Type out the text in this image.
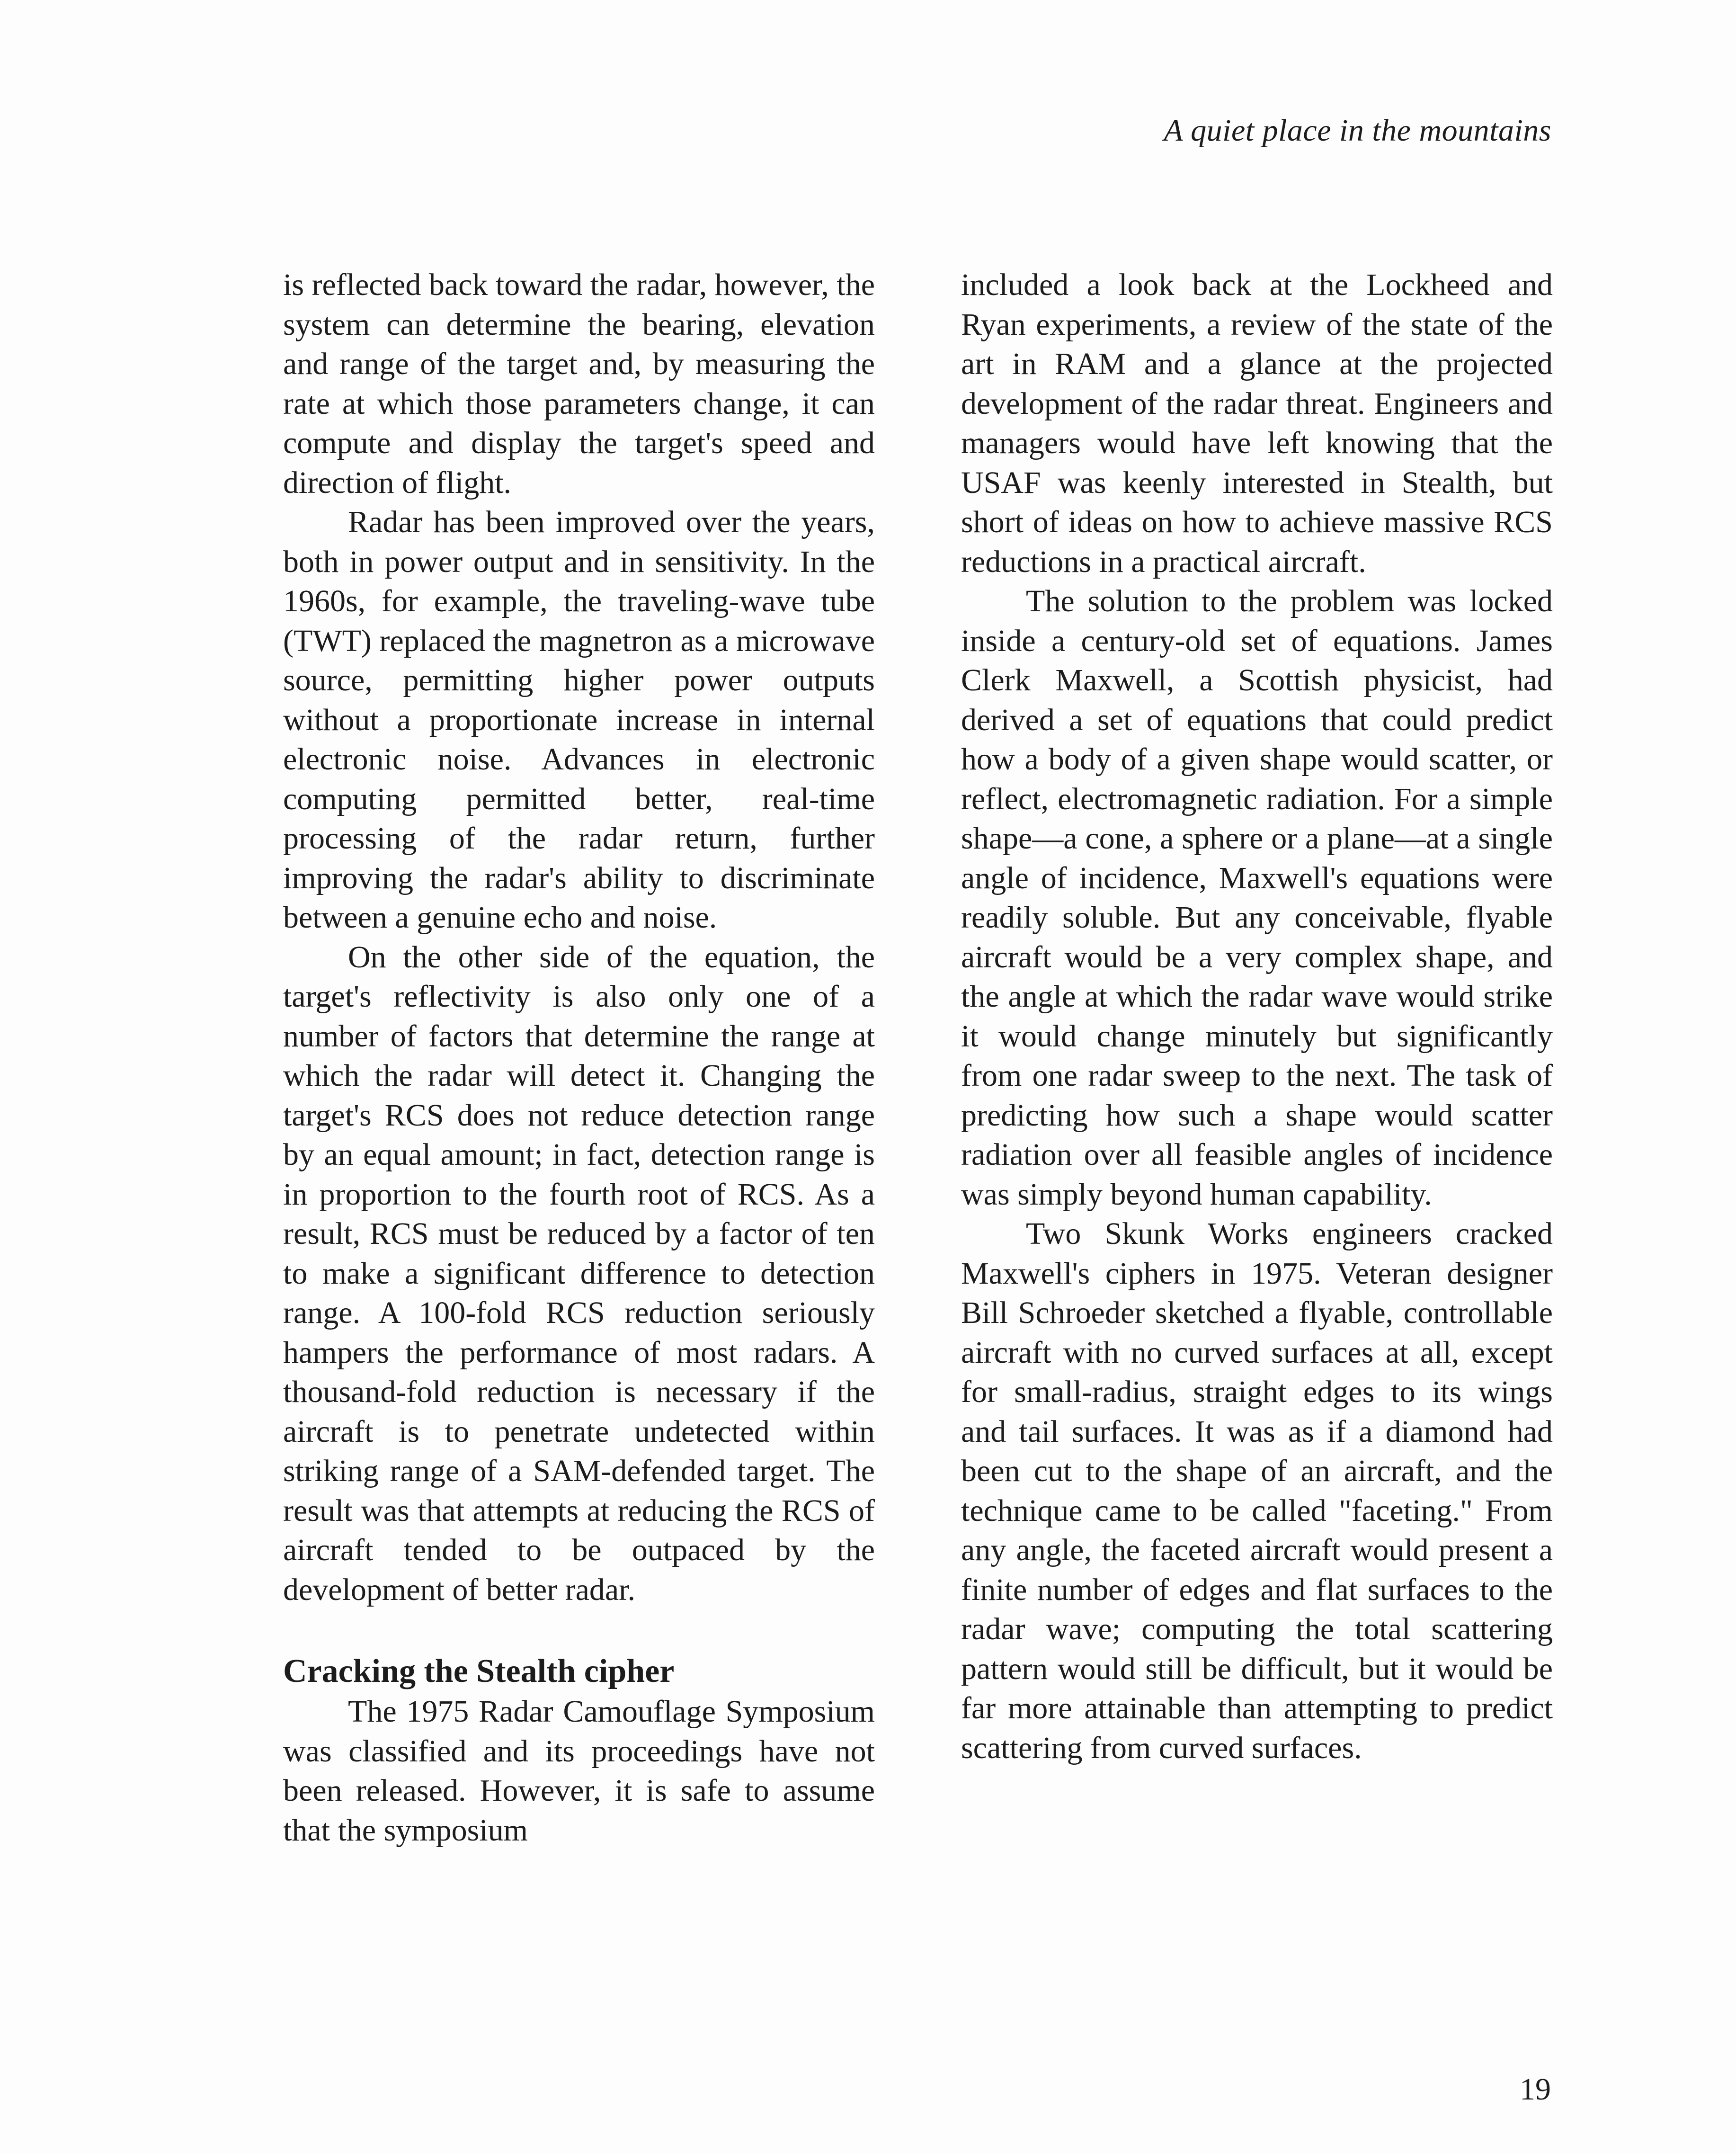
A quiet place in the mountains

is reflected back toward the radar, however, the system can determine the bearing, elevation and range of the target and, by measuring the rate at which those parameters change, it can compute and display the target's speed and direction of flight.

Radar has been improved over the years, both in power output and in sensitivity. In the 1960s, for example, the traveling-wave tube (TWT) replaced the magnetron as a microwave source, permitting higher power outputs without a proportionate increase in internal electronic noise. Advances in electronic computing permitted better, real-time processing of the radar return, further improving the radar's ability to discriminate between a genuine echo and noise.

On the other side of the equation, the target's reflectivity is also only one of a number of factors that determine the range at which the radar will detect it. Changing the target's RCS does not reduce detection range by an equal amount; in fact, detection range is in proportion to the fourth root of RCS. As a result, RCS must be reduced by a factor of ten to make a significant difference to detection range. A 100-fold RCS reduction seriously hampers the performance of most radars. A thousand-fold reduction is necessary if the aircraft is to penetrate undetected within striking range of a SAM-defended target. The result was that attempts at reducing the RCS of aircraft tended to be outpaced by the development of better radar.

Cracking the Stealth cipher

The 1975 Radar Camouflage Symposium was classified and its proceedings have not been released. However, it is safe to assume that the symposium

included a look back at the Lockheed and Ryan experiments, a review of the state of the art in RAM and a glance at the projected development of the radar threat. Engineers and managers would have left knowing that the USAF was keenly interested in Stealth, but short of ideas on how to achieve massive RCS reductions in a practical aircraft.

The solution to the problem was locked inside a century-old set of equations. James Clerk Maxwell, a Scottish physicist, had derived a set of equations that could predict how a body of a given shape would scatter, or reflect, electromagnetic radiation. For a simple shape—a cone, a sphere or a plane—at a single angle of incidence, Maxwell's equations were readily soluble. But any conceivable, flyable aircraft would be a very complex shape, and the angle at which the radar wave would strike it would change minutely but significantly from one radar sweep to the next. The task of predicting how such a shape would scatter radiation over all feasible angles of incidence was simply beyond human capability.

Two Skunk Works engineers cracked Maxwell's ciphers in 1975. Veteran designer Bill Schroeder sketched a flyable, controllable aircraft with no curved surfaces at all, except for small-radius, straight edges to its wings and tail surfaces. It was as if a diamond had been cut to the shape of an aircraft, and the technique came to be called "faceting." From any angle, the faceted aircraft would present a finite number of edges and flat surfaces to the radar wave; computing the total scattering pattern would still be difficult, but it would be far more attainable than attempting to predict scattering from curved surfaces.

19
